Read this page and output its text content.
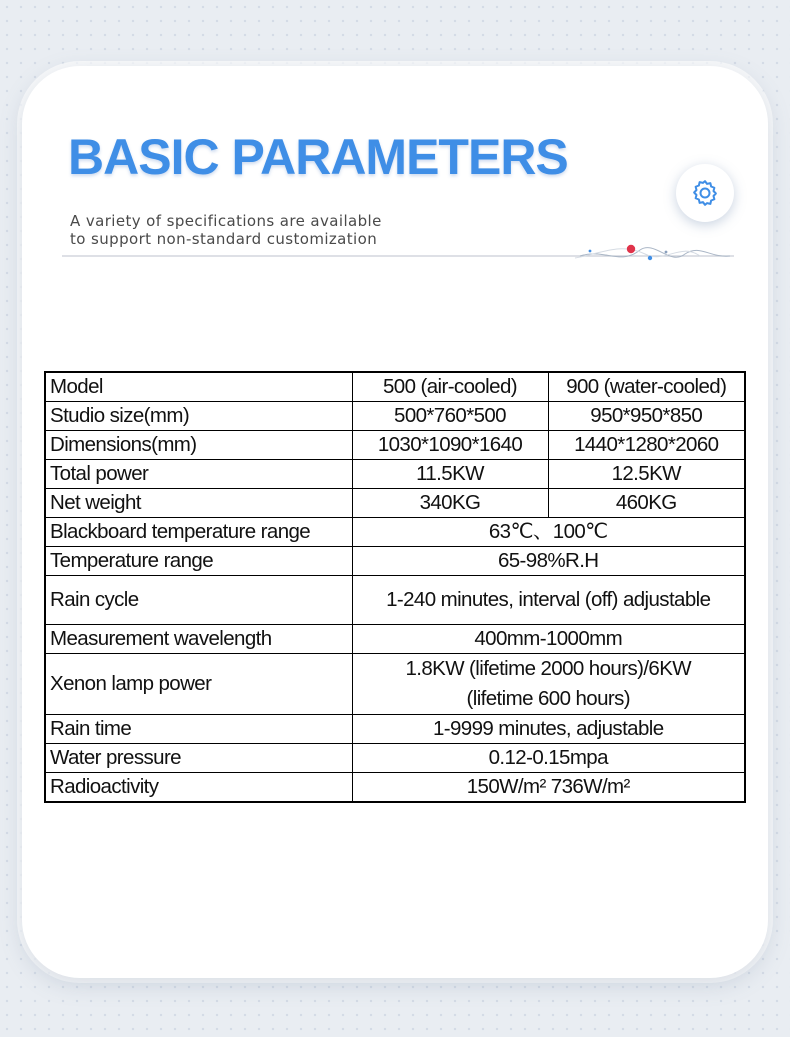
BASIC PARAMETERS
A variety of specifications are available
to support non-standard customization
Model	500 (air-cooled)	900 (water-cooled)
Studio size(mm)	500*760*500	950*950*850
Dimensions(mm)	1030*1090*1640	1440*1280*2060
Total power	11.5KW	12.5KW
Net weight	340KG	460KG
Blackboard temperature range	63℃、100℃	
Temperature range	65-98%R.H	
Rain cycle	1-240 minutes, interval (off) adjustable	
Measurement wavelength	400mm-1000mm	
Xenon lamp power	1.8KW (lifetime 2000 hours)/6KW
(lifetime 600 hours)	

Rain time	1-9999 minutes, adjustable	
Water pressure	0.12-0.15mpa	
Radioactivity	150W/m² 736W/m²	
